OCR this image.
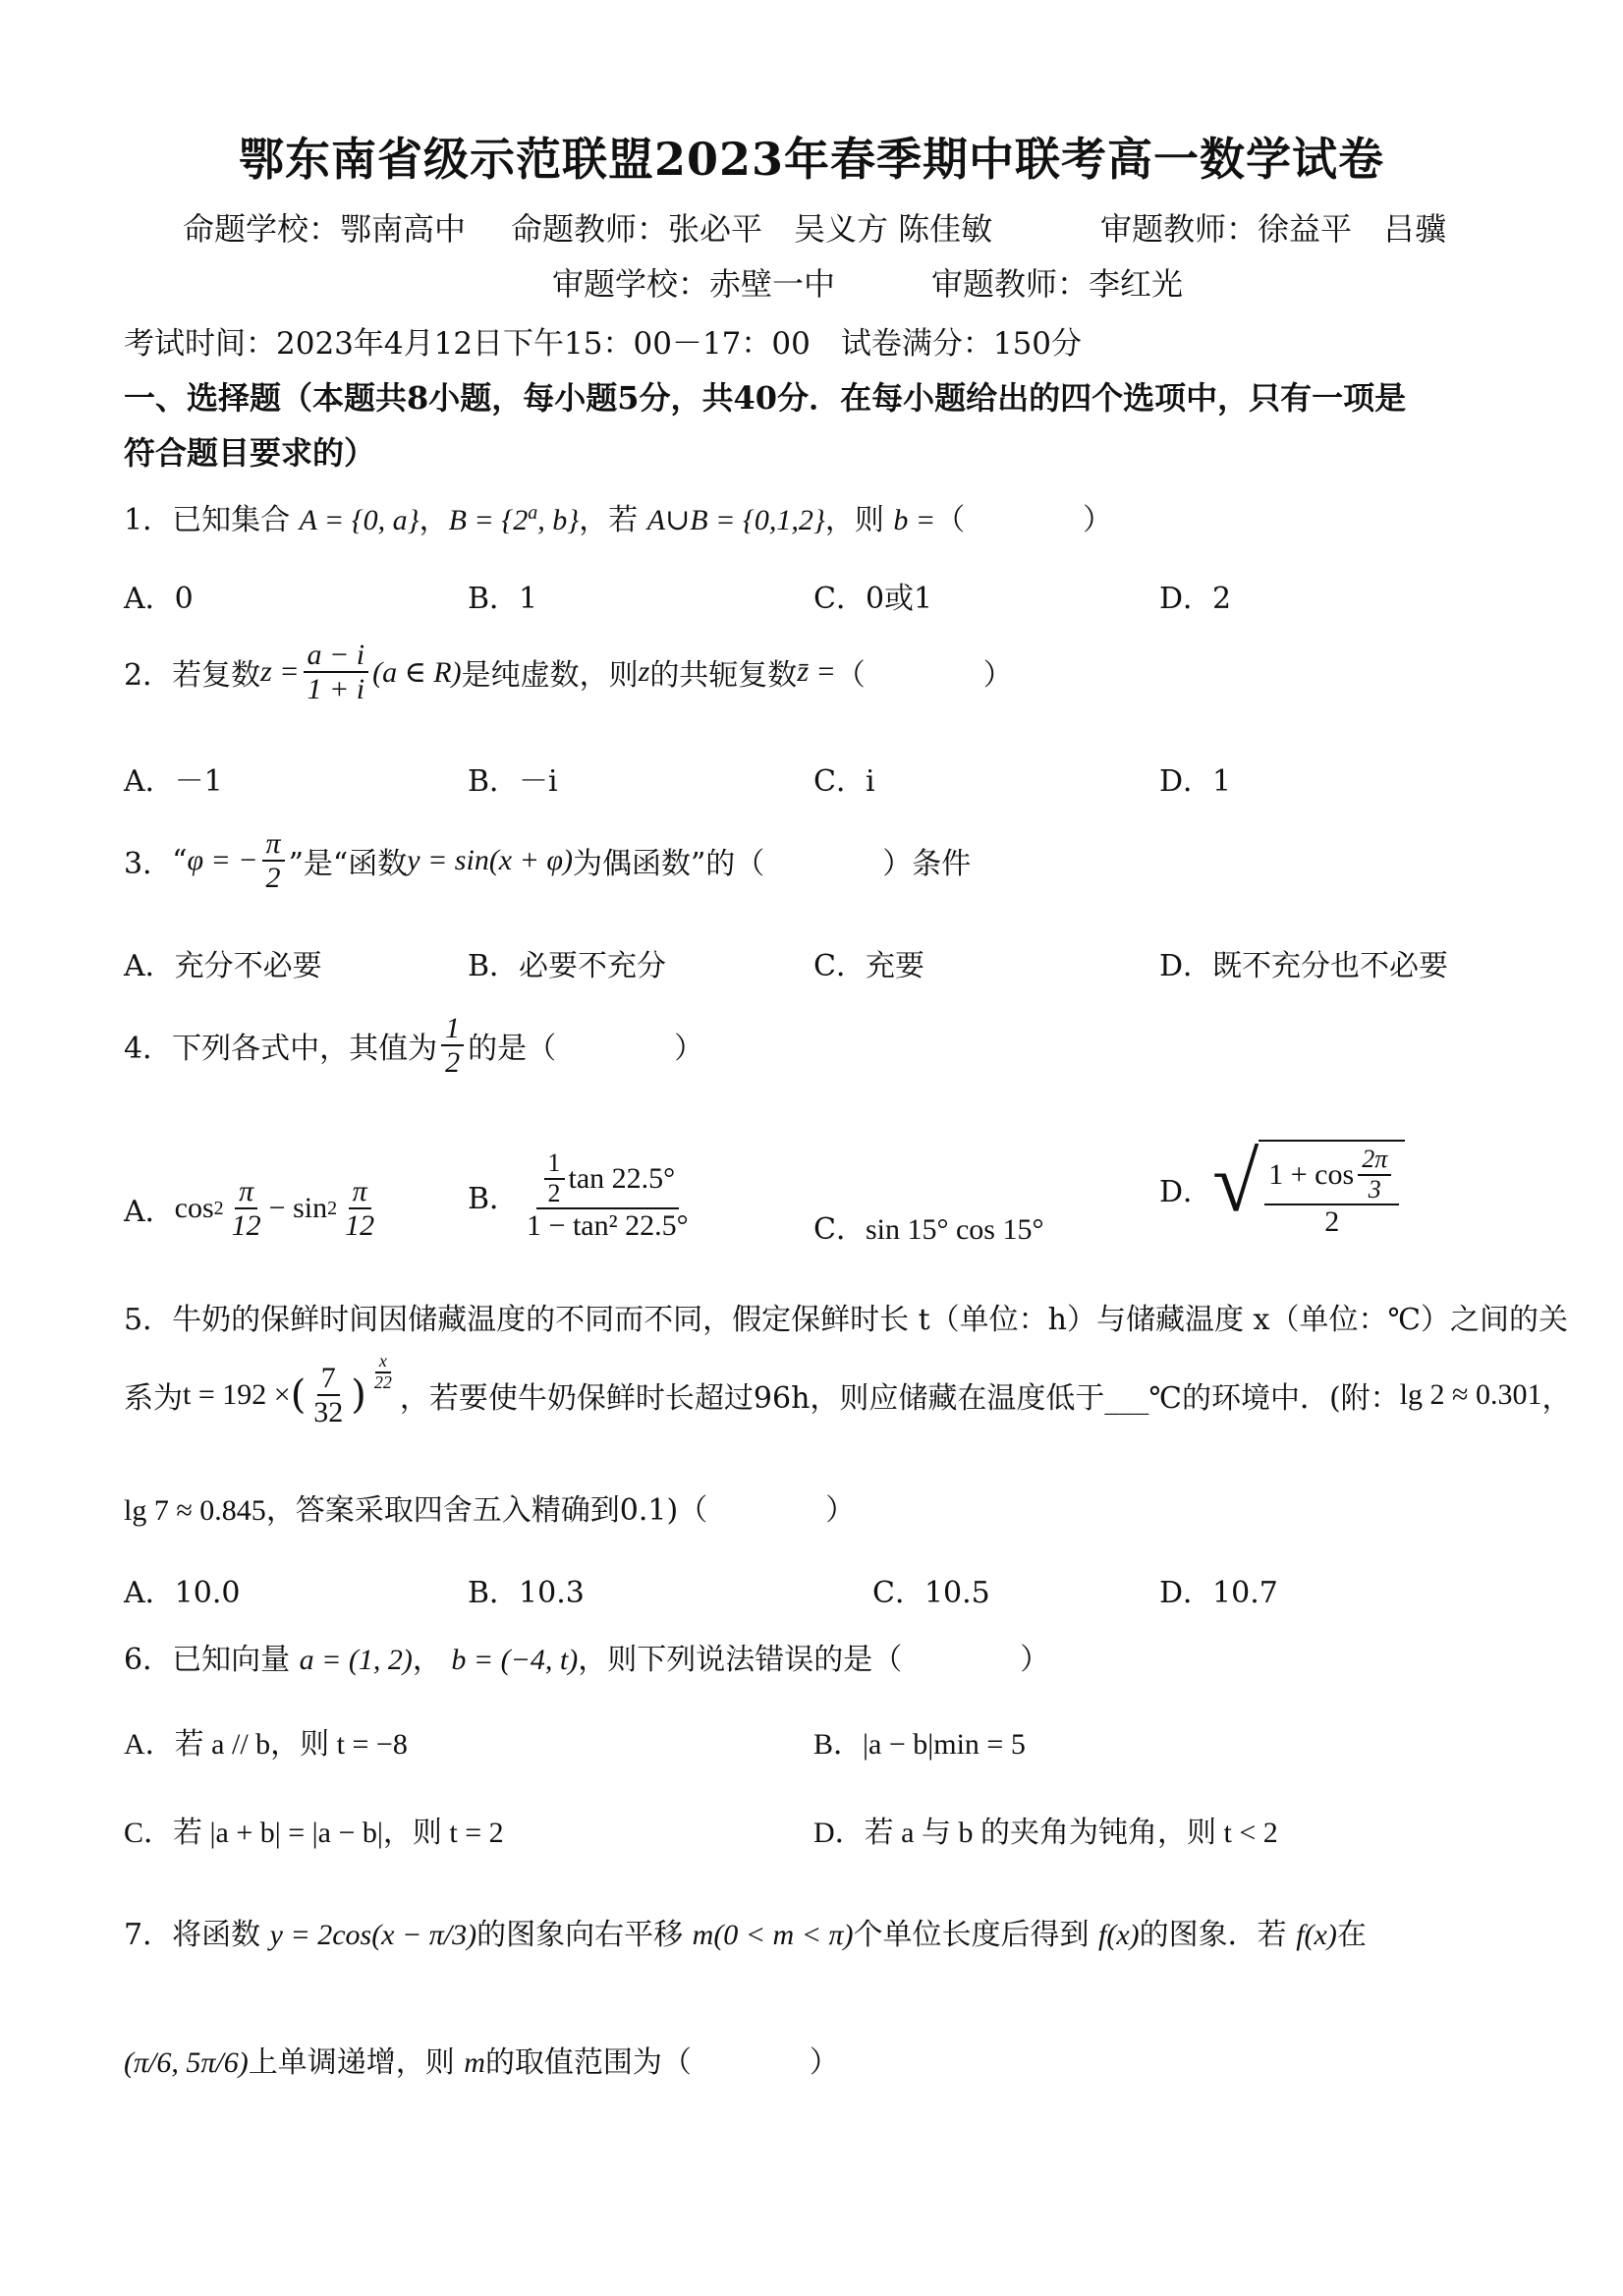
鄂东南省级示范联盟2023年春季期中联考高一数学试卷
命题学校：鄂南高中 命题教师：张必平　吴义方 陈佳敏	审题教师：徐益平　吕骥
审题学校：赤壁一中	审题教师：李红光
考试时间：2023年4月12日下午15：00－17：00　试卷满分：150分
一、选择题（本题共8小题，每小题5分，共40分．在每小题给出的四个选项中，只有一项是
符合题目要求的）
1．已知集合 A = {0, a}，$B = \{2^a$, b}，若 A∪B = {0,1,2}，则 b =（　　　　）
A．0	B．1	C．0或1	D．2
2． 若复数 $z = \frac{a - i}{1 + i} (a$ ∈ R) 是纯虚数，则 z 的共轭复数 z̄ = （　　　　）
A．－1	B．－i	C．i	D．1
3． “ φ = − $\frac{\pi}{2}$ ”是“函数 y = sin(x + φ) 为偶函数”的（　　　　）条件
A．充分不必要	B．必要不充分	C．充要	D．既不充分也不必要
4． 下列各式中，其值为 $\frac{1}{2}$ 的是（　　　　）
A． $\cos 2 \frac{\pi}{12} - \sin 2 \frac{\pi}{12}$	B． $\frac{\frac{1}{2} \tan 22.5^\circ}{\text{1 − tan² 22.5°}}$	C．sin 15° cos 15°
D． √ $\frac{1 + \cos \frac{2\pi}{3}}{2}$
5．牛奶的保鲜时间因储藏温度的不同而不同，假定保鲜时长 t（单位：h）与储藏温度 x（单位：℃）之间的关
系为 t = 192 × ( $\frac{7}{32}$ )
$\frac{x}{22}$
，若要使牛奶保鲜时长超过96h，则应储藏在温度低于___℃的环境中．(附： lg 2 ≈ 0.301 ，
lg 7 ≈ 0.845，答案采取四舍五入精确到0.1)（　　　　）
A．10.0	B．10.3	C．10.5	D．10.7
6．已知向量 a = (1, 2)， b = (−4, t)，则下列说法错误的是（　　　　）
A．若 a // b，则 t = −8	B．|a − b|min = 5
C．若 |a + b| = |a − b|，则 t = 2	D．若 a 与 b 的夹角为钝角，则 t < 2
7．将函数 y = 2cos(x − π/3)的图象向右平移 m(0 < m < π)个单位长度后得到 f(x)的图象．若 f(x)在
(π/6, 5π/6)上单调递增，则 m的取值范围为（　　　　）
